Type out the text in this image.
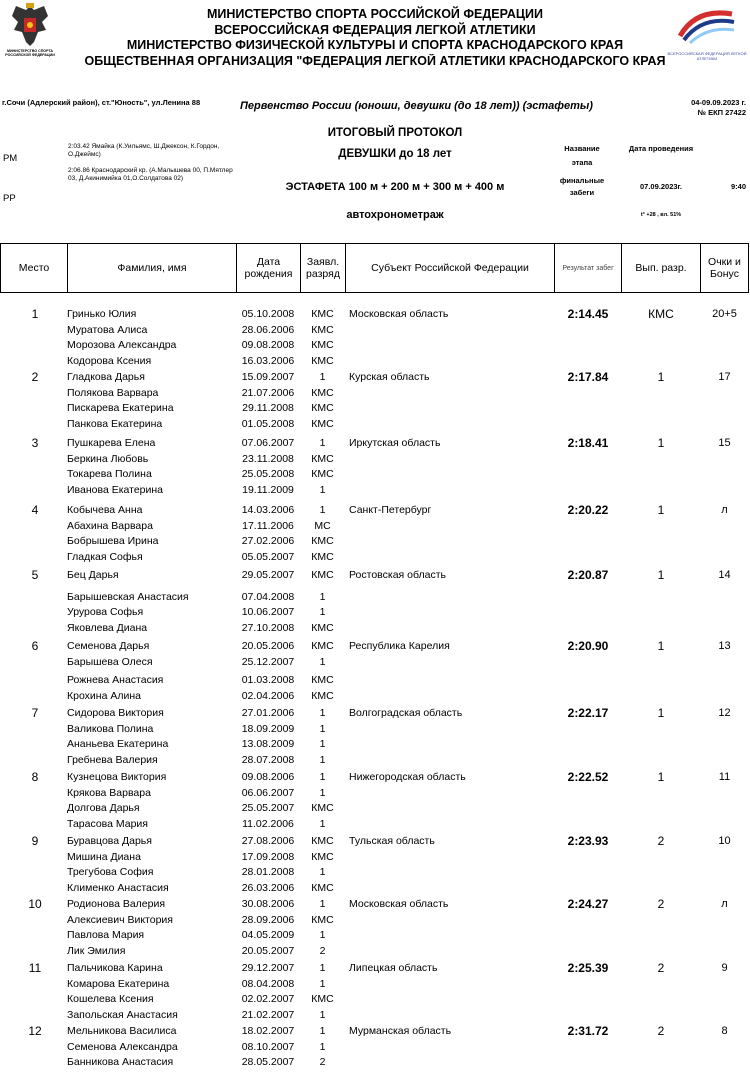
МИНИСТЕРСТВО СПОРТА РОССИЙСКОЙ ФЕДЕРАЦИИ
МИНИСТЕРСТВО СПОРТА РОССИЙСКОЙ ФЕДЕРАЦИИ
ВСЕРОССИЙСКАЯ ФЕДЕРАЦИЯ ЛЕГКОЙ АТЛЕТИКИ
МИНИСТЕРСТВО ФИЗИЧЕСКОЙ КУЛЬТУРЫ И СПОРТА КРАСНОДАРСКОГО КРАЯ
ОБЩЕСТВЕННАЯ ОРГАНИЗАЦИЯ "ФЕДЕРАЦИЯ ЛЕГКОЙ АТЛЕТИКИ КРАСНОДАРСКОГО КРАЯ ВСЕРОССИЙСКАЯ ФЕДЕРАЦИЯ ЛЕГКОЙ АТЛЕТИКИ
г.Сочи (Адлерский район), ст."Юность", ул.Ленина 88	Первенство России (юноши, девушки (до 18 лет)) (эстафеты)	04-09.09.2023 г.
№ ЕКП 27422
ИТОГОВЫЙ ПРОТОКОЛ
ДЕВУШКИ до 18 лет
ЭСТАФЕТА 100 м + 200 м + 300 м + 400 м
автохронометраж
РМ
2:03.42 Ямайка (К.Уильямс, Ш.Джексон, К.Гордон, О.Джеймс)
РР
2:06.86 Краснодарский кр. (А.Малышева 00, П.Мятлер 03, Д.Акинимийка 01,О.Солдатова 02)
Название этапа
финальные забеги
Дата проведения
07.09.2023г.	9:40
t° +28 , вл. 51%
Место	Фамилия, имя	Дата рождения	Заявл. разряд	Субъект Российской Федерации	Результат забег	Вып. разр.	Очки и Бонус
Гринько Юлия	05.10.2008	КМС
Муратова Алиса	28.06.2006	КМС
Морозова Александра	09.08.2008	КМС
Кодорова Ксения	16.03.2006	КМС
1	Московская область	2:14.45	КМС	20+5
Гладкова Дарья	15.09.2007	1
Полякова Варвара	21.07.2006	КМС
Пискарева Екатерина	29.11.2008	КМС
Панкова Екатерина	01.05.2008	КМС
2	Курская область	2:17.84	1	17
Пушкарева Елена	07.06.2007	1
Беркина Любовь	23.11.2008	КМС
Токарева Полина	25.05.2008	КМС
Иванова Екатерина	19.11.2009	1
3	Иркутская область	2:18.41	1	15
Кобычева Анна	14.03.2006	1
Абахина Варвара	17.11.2006	МС
Бобрышева Ирина	27.02.2006	КМС
Гладкая Софья	05.05.2007	КМС
4	Санкт-Петербург	2:20.22	1	л
Бец Дарья	29.05.2007	КМС
Барышевская Анастасия	07.04.2008	1
Урурова Софья	10.06.2007	1
Яковлева Диана	27.10.2008	КМС
5	Ростовская область	2:20.87	1	14
Семенова Дарья	20.05.2006	КМС
Барышева Олеся	25.12.2007	1
Рожнева Анастасия	01.03.2008	КМС
Крохина Алина	02.04.2006	КМС
6	Республика Карелия	2:20.90	1	13
Сидорова Виктория	27.01.2006	1
Валикова Полина	18.09.2009	1
Ананьева Екатерина	13.08.2009	1
Гребнева Валерия	28.07.2008	1
7	Волгоградская область	2:22.17	1	12
Кузнецова Виктория	09.08.2006	1
Крякова Варвара	06.06.2007	1
Долгова Дарья	25.05.2007	КМС
Тарасова Мария	11.02.2006	1
8	Нижегородская область	2:22.52	1	11
Буравцова Дарья	27.08.2006	КМС
Мишина Диана	17.09.2008	КМС
Трегубова София	28.01.2008	1
Клименко Анастасия	26.03.2006	КМС
9	Тульская область	2:23.93	2	10
Родионова Валерия	30.08.2006	1
Алексиевич Виктория	28.09.2006	КМС
Павлова Мария	04.05.2009	1
Лик Эмилия	20.05.2007	2
10	Московская область	2:24.27	2	л
Пальчикова Карина	29.12.2007	1
Комарова Екатерина	08.04.2008	1
Кошелева Ксения	02.02.2007	КМС
Запольская Анастасия	21.02.2007	1
11	Липецкая область	2:25.39	2	9
Мельникова Василиса	18.02.2007	1
Семенова Александра	08.10.2007	1
Банникова Анастасия	28.05.2007	2
12	Мурманская область	2:31.72	2	8
